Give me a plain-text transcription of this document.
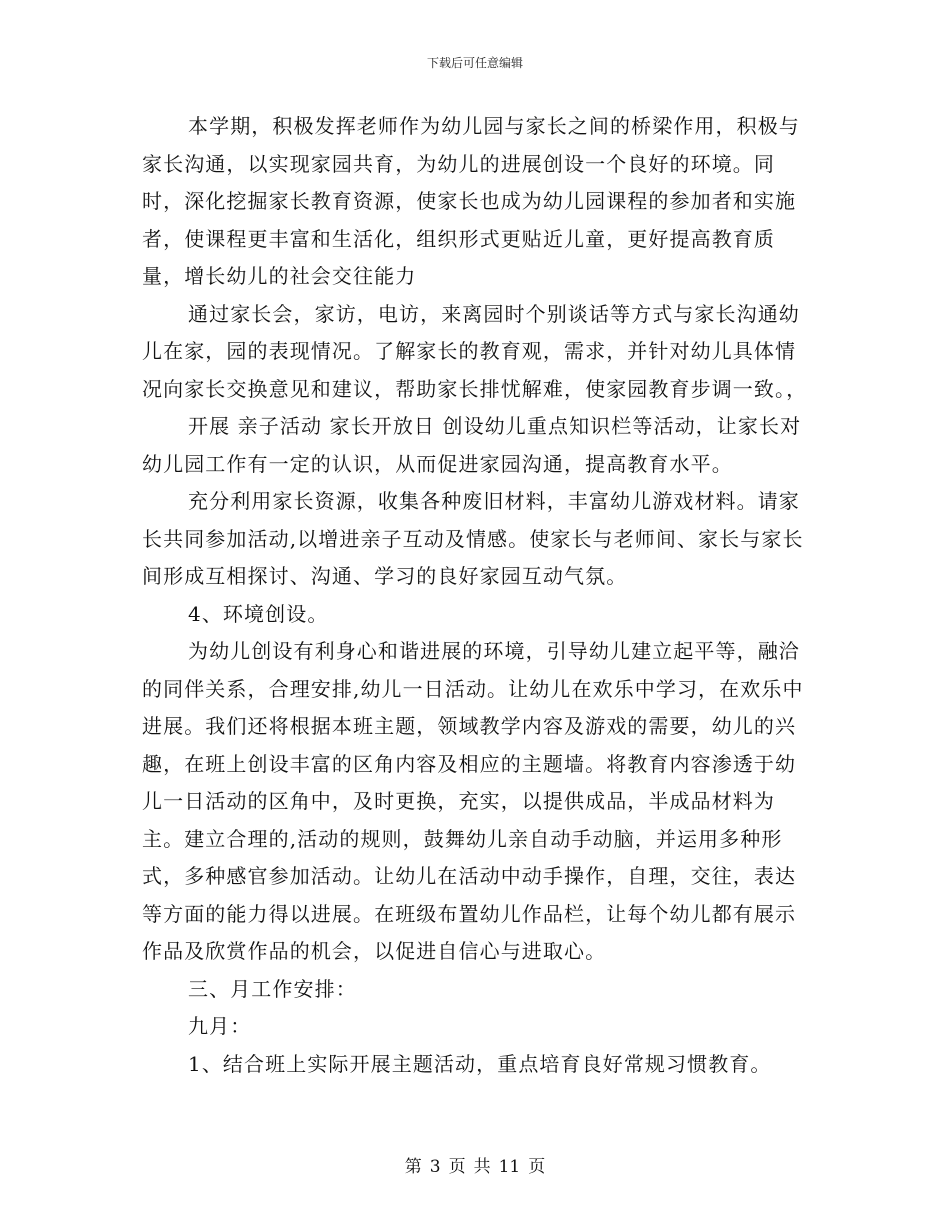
下载后可任意编辑

本学期，积极发挥老师作为幼儿园与家长之间的桥梁作用，积极与家长沟通，以实现家园共育，为幼儿的进展创设一个良好的环境。同时，深化挖掘家长教育资源，使家长也成为幼儿园课程的参加者和实施者，使课程更丰富和生活化，组织形式更贴近儿童，更好提高教育质量，增长幼儿的社会交往能力

通过家长会，家访，电访，来离园时个别谈话等方式与家长沟通幼儿在家，园的表现情况。了解家长的教育观，需求，并针对幼儿具体情况向家长交换意见和建议，帮助家长排忧解难，使家园教育步调一致。，

开展 亲子活动 家长开放日 创设幼儿重点知识栏等活动，让家长对幼儿园工作有一定的认识，从而促进家园沟通，提高教育水平。

充分利用家长资源，收集各种废旧材料，丰富幼儿游戏材料。请家长共同参加活动,以增进亲子互动及情感。使家长与老师间、家长与家长间形成互相探讨、沟通、学习的良好家园互动气氛。

4、环境创设。

为幼儿创设有利身心和谐进展的环境，引导幼儿建立起平等，融洽的同伴关系，合理安排,幼儿一日活动。让幼儿在欢乐中学习，在欢乐中进展。我们还将根据本班主题，领域教学内容及游戏的需要，幼儿的兴趣，在班上创设丰富的区角内容及相应的主题墙。将教育内容渗透于幼儿一日活动的区角中，及时更换，充实，以提供成品，半成品材料为主。建立合理的,活动的规则，鼓舞幼儿亲自动手动脑，并运用多种形式，多种感官参加活动。让幼儿在活动中动手操作，自理，交往，表达等方面的能力得以进展。在班级布置幼儿作品栏，让每个幼儿都有展示作品及欣赏作品的机会，以促进自信心与进取心。

三、月工作安排：

九月：

1、结合班上实际开展主题活动，重点培育良好常规习惯教育。

第 3 页 共 11 页
